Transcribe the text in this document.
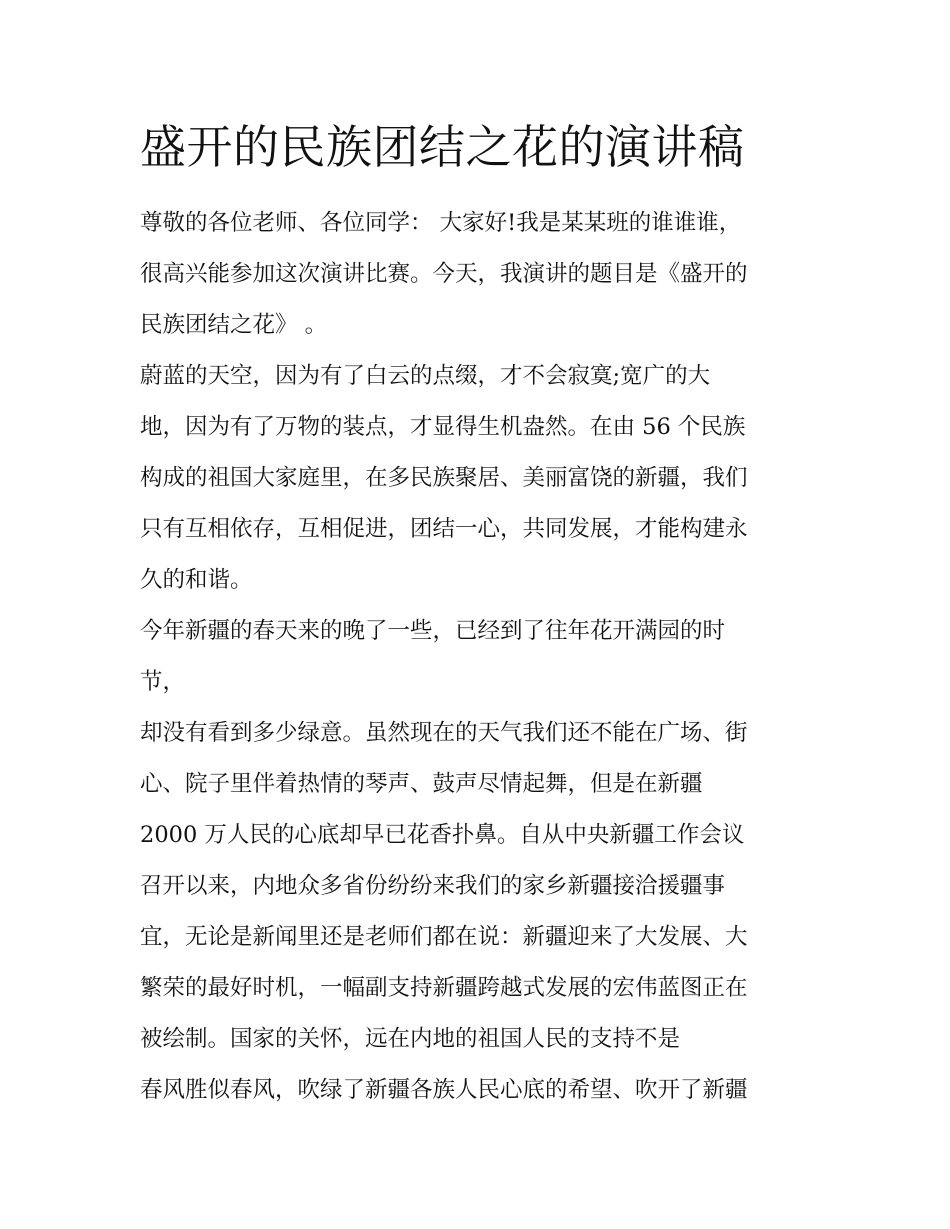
盛开的民族团结之花的演讲稿
尊敬的各位老师、各位同学： 大家好!我是某某班的谁谁谁，
很高兴能参加这次演讲比赛。今天，我演讲的题目是《盛开的
民族团结之花》 。
蔚蓝的天空，因为有了白云的点缀，才不会寂寞;宽广的大
地，因为有了万物的装点，才显得生机盎然。在由 56 个民族
构成的祖国大家庭里，在多民族聚居、美丽富饶的新疆，我们
只有互相依存，互相促进，团结一心，共同发展，才能构建永
久的和谐。
今年新疆的春天来的晚了一些，已经到了往年花开满园的时
节，
却没有看到多少绿意。虽然现在的天气我们还不能在广场、街
心、院子里伴着热情的琴声、鼓声尽情起舞，但是在新疆
2000 万人民的心底却早已花香扑鼻。自从中央新疆工作会议
召开以来，内地众多省份纷纷来我们的家乡新疆接洽援疆事
宜，无论是新闻里还是老师们都在说：新疆迎来了大发展、大
繁荣的最好时机，一幅副支持新疆跨越式发展的宏伟蓝图正在
被绘制。国家的关怀，远在内地的祖国人民的支持不是
春风胜似春风，吹绿了新疆各族人民心底的希望、吹开了新疆
